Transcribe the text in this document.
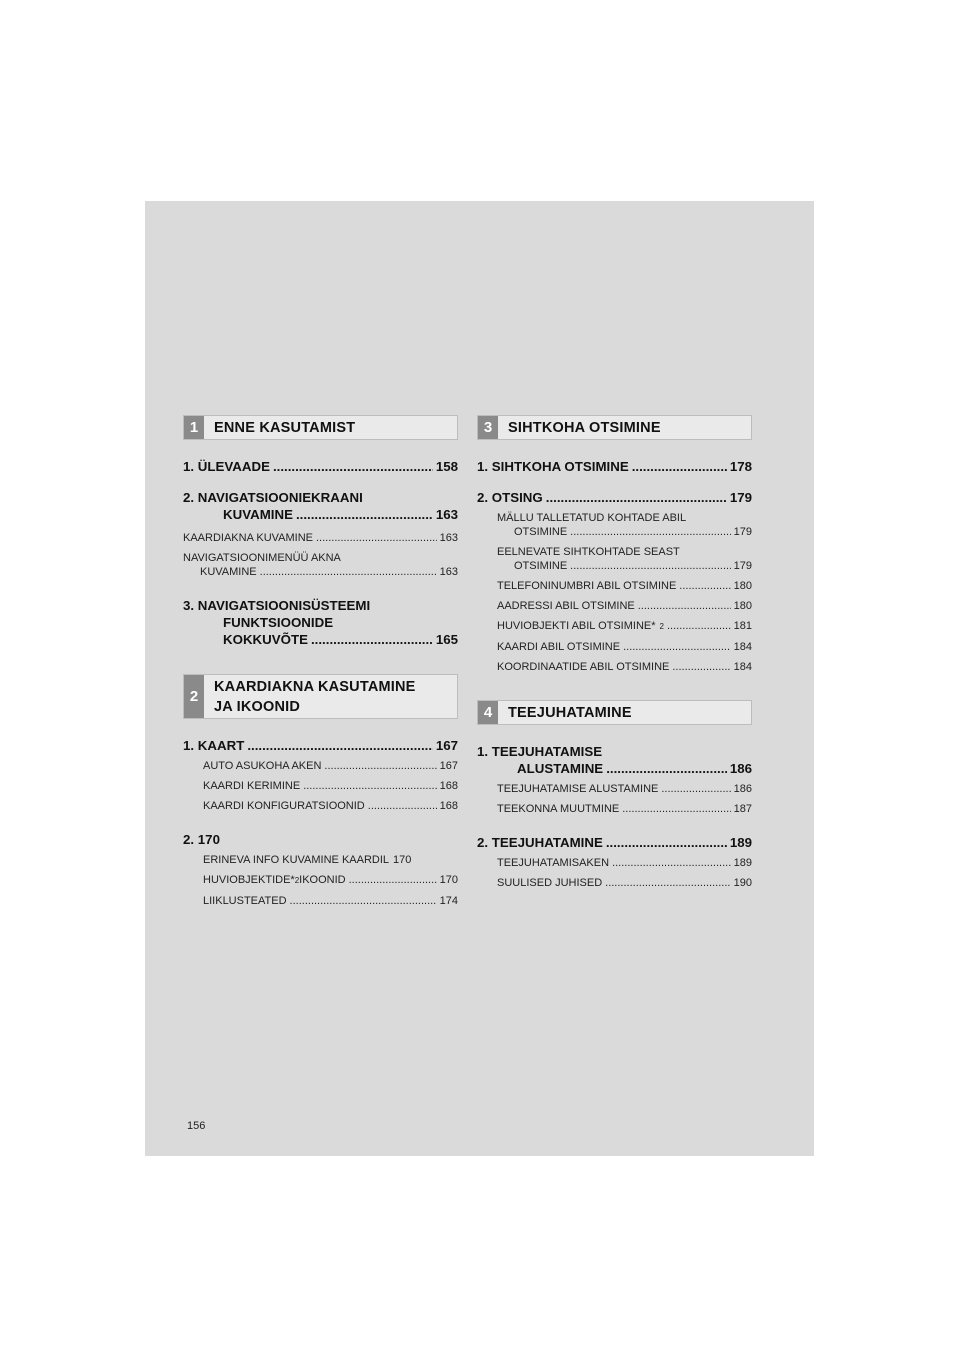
1	ENNE KASUTAMIST
1. ÜLEVAADE .....	158
2. NAVIGATSIOONIEKRAANI
KUVAMINE .....	163
KAARDIAKNA KUVAMINE .....	163
NAVIGATSIOONIMENÜÜ AKNA
KUVAMINE .....	163
3. NAVIGATSIOONISÜSTEEMI
FUNKTSIOONIDE
KOKKUVÕTE .....	165
2
KAARDIAKNA KASUTAMINE
JA IKOONID
1. KAART .....	167
AUTO ASUKOHA AKEN .....	167
KAARDI KERIMINE .....	168
KAARDI KONFIGURATSIOONID .....	168
2. 170
ERINEVA INFO KUVAMINE KAARDIL 170
HUVIOBJEKTIDE* 2 IKOONID .....	170
LIIKLUSTEATED .....	174
3	SIHTKOHA OTSIMINE
1. SIHTKOHA OTSIMINE .....	178
2. OTSING .....	179
MÄLLU TALLETATUD KOHTADE ABIL
OTSIMINE .....	179
EELNEVATE SIHTKOHTADE SEAST
OTSIMINE .....	179
TELEFONINUMBRI ABIL OTSIMINE .....	180
AADRESSI ABIL OTSIMINE .....	180
HUVIOBJEKTI ABIL OTSIMINE* 2 .....	181
KAARDI ABIL OTSIMINE .....	184
KOORDINAATIDE ABIL OTSIMINE .....	184
4	TEEJUHATAMINE
1. TEEJUHATAMISE
ALUSTAMINE .....	186
TEEJUHATAMISE ALUSTAMINE .....	186
TEEKONNA MUUTMINE .....	187
2. TEEJUHATAMINE .....	189
TEEJUHATAMISAKEN .....	189
SUULISED JUHISED .....	190
156
